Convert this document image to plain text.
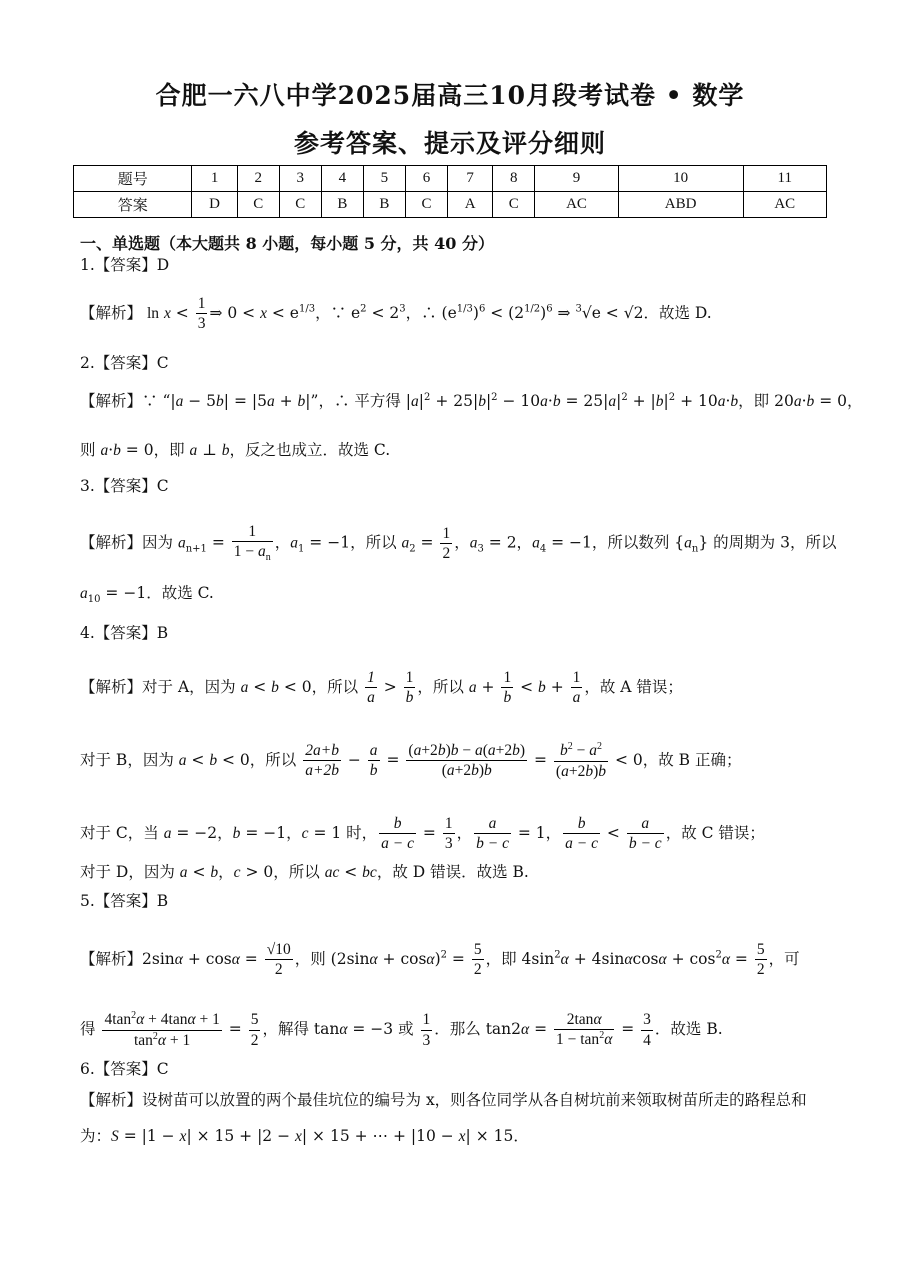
合肥一六八中学2025届高三10月段考试卷 • 数学
参考答案、提示及评分细则
题号	1	2	3	4	5	6	7	8	9	10	11
答案	D	C	C	B	B	C	A	C	AC	ABD	AC
一、单选题（本大题共 8 小题，每小题 5 分，共 40 分）
1.【答案】D
【解析】 $\ln x < \frac{1}{3}$ ⇒ $0 < x < e^{1/3}$，∵ $e^2 < 2^3$，∴ $(e^{1/3})^6 < (2^{1/2})^6$ ⇒ $^3$√e < √2．故选 D.
2.【答案】C
【解析】∵ “|a − 5b| = |5a + b|”，∴ 平方得 $|a|^2 + 25|b|^2 - 10a\cdot b = 25|a|^2 + |b|^2 + 10a\cdot b$，即 20a·b = 0，
则 a·b = 0，即 a ⊥ b，反之也成立．故选 C.
3.【答案】C
【解析】因为 $a_{n+1} = \frac{1}{1 - a_n}$ ，$a_1 = -1$，所以 $a_2 = \frac{1}{2}$ ，$a_3 = 2$，$a_4 = -1$，所以数列 $\{a_n\}$ 的周期为 3，所以
$a_{10} = -1$．故选 C.
4.【答案】B
【解析】对于 A，因为 a < b < 0，所以 $\frac{1}{a} > \frac{1}{b}$ ，所以 $a + \frac{1}{b} < b + \frac{1}{a}$ ，故 A 错误；
对于 B，因为 a < b < 0，所以 $\frac{2a+b}{a+2b} - \frac{a}{b} = \frac{(a+2b)b - a(a+2b)}{(a+2b)b} = \frac{b^2 - a^2}{(a+2b)b} < 0$，故 B 正确；
对于 C，当 a = −2，b = −1，c = 1 时， $\frac{b}{a - c} = \frac{1}{3}$ ， $\frac{a}{b - c} = 1$， $\frac{b}{a - c} < \frac{a}{b - c}$ ，故 C 错误；
对于 D，因为 a < b，c > 0，所以 ac < bc，故 D 错误．故选 B.
5.【答案】B
【解析】$2\sin\alpha + \cos\alpha = \frac{√10}{2}$ ，则 $(2\sin\alpha + \cos\alpha)^2 = \frac{5}{2}$ ，即 $4\sin^2\alpha + 4\sin\alpha\cos\alpha + \cos^2\alpha = \frac{5}{2}$ ，可
得 $\frac{4\tan^2\alpha + 4\tan\alpha + 1}{\tan^2\alpha + 1} = \frac{5}{2}$ ，解得 tanα = −3 或 $\frac{1}{3}$ ．那么 $\tan 2\alpha = \frac{2\tan\alpha}{1 - \tan^2\alpha} = \frac{3}{4}$ ．故选 B.
6.【答案】C
【解析】设树苗可以放置的两个最佳坑位的编号为 x，则各位同学从各自树坑前来领取树苗所走的路程总和
为：S = |1 − x| × 15 + |2 − x| × 15 + ⋯ + |10 − x| × 15．
